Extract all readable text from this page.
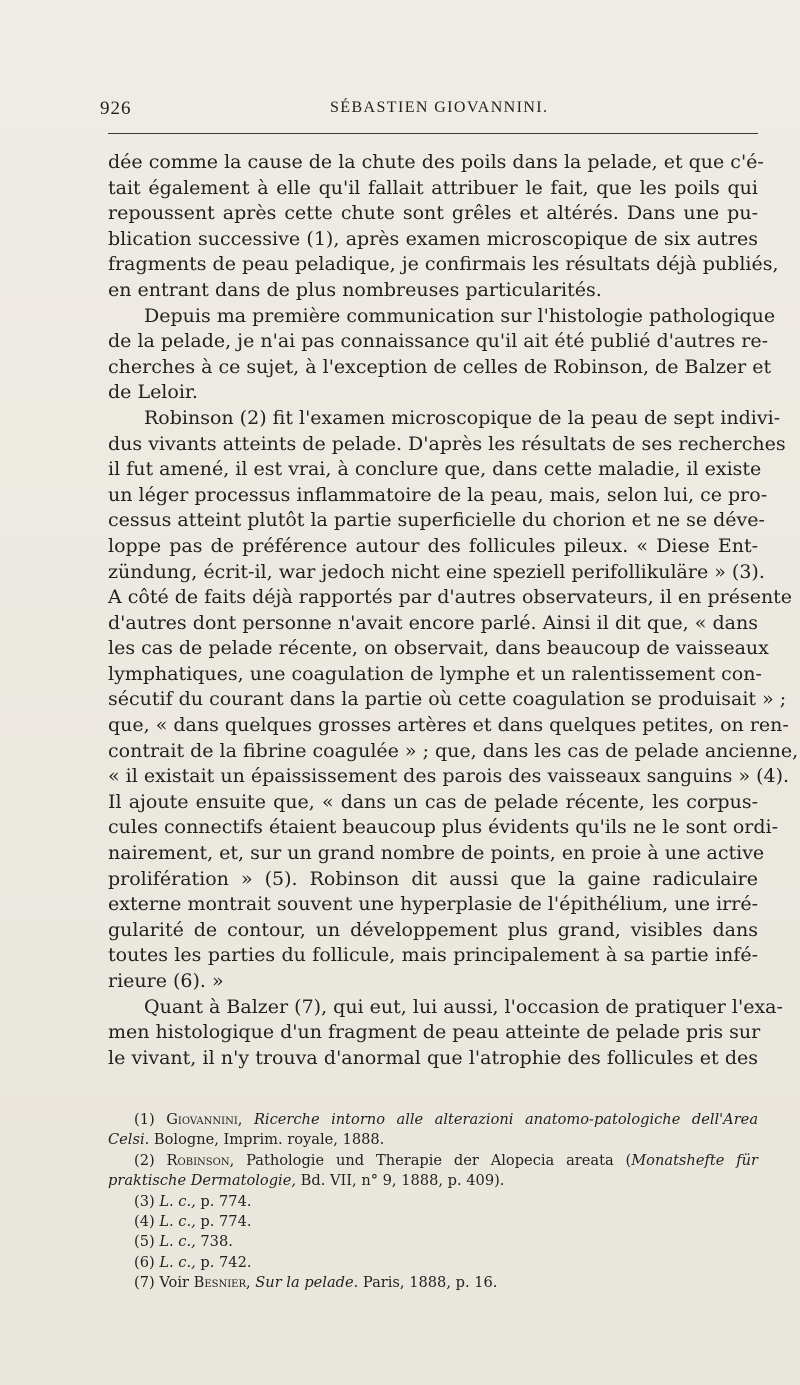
926	SÉBASTIEN GIOVANNINI.
dée comme la cause de la chute des poils dans la pelade, et que c'é-
tait également à elle qu'il fallait attribuer le fait, que les poils qui
repoussent après cette chute sont grêles et altérés. Dans une pu-
blication successive (1), après examen microscopique de six autres
fragments de peau peladique, je confirmais les résultats déjà publiés,
en entrant dans de plus nombreuses particularités.
Depuis ma première communication sur l'histologie pathologique
de la pelade, je n'ai pas connaissance qu'il ait été publié d'autres re-
cherches à ce sujet, à l'exception de celles de Robinson, de Balzer et
de Leloir.
Robinson (2) fit l'examen microscopique de la peau de sept indivi-
dus vivants atteints de pelade. D'après les résultats de ses recherches
il fut amené, il est vrai, à conclure que, dans cette maladie, il existe
un léger processus inflammatoire de la peau, mais, selon lui, ce pro-
cessus atteint plutôt la partie superficielle du chorion et ne se déve-
loppe pas de préférence autour des follicules pileux. « Diese Ent-
zündung, écrit-il, war jedoch nicht eine speziell perifollikuläre » (3).
A côté de faits déjà rapportés par d'autres observateurs, il en présente
d'autres dont personne n'avait encore parlé. Ainsi il dit que, « dans
les cas de pelade récente, on observait, dans beaucoup de vaisseaux
lymphatiques, une coagulation de lymphe et un ralentissement con-
sécutif du courant dans la partie où cette coagulation se produisait » ;
que, « dans quelques grosses artères et dans quelques petites, on ren-
contrait de la fibrine coagulée » ; que, dans les cas de pelade ancienne,
« il existait un épaississement des parois des vaisseaux sanguins » (4).
Il ajoute ensuite que, « dans un cas de pelade récente, les corpus-
cules connectifs étaient beaucoup plus évidents qu'ils ne le sont ordi-
nairement, et, sur un grand nombre de points, en proie à une active
prolifération » (5). Robinson dit aussi que la gaine radiculaire
externe montrait souvent une hyperplasie de l'épithélium, une irré-
gularité de contour, un développement plus grand, visibles dans
toutes les parties du follicule, mais principalement à sa partie infé-
rieure (6). »
Quant à Balzer (7), qui eut, lui aussi, l'occasion de pratiquer l'exa-
men histologique d'un fragment de peau atteinte de pelade pris sur
le vivant, il n'y trouva d'anormal que l'atrophie des follicules et des
(1) Giovannini, Ricerche intorno alle alterazioni anatomo-patologiche dell'Area
Celsi. Bologne, Imprim. royale, 1888.
(2) Robinson, Pathologie und Therapie der Alopecia areata (Monatshefte für
praktische Dermatologie, Bd. VII, n° 9, 1888, p. 409).
(3) L. c., p. 774.
(4) L. c., p. 774.
(5) L. c., 738.
(6) L. c., p. 742.
(7) Voir Besnier, Sur la pelade. Paris, 1888, p. 16.
